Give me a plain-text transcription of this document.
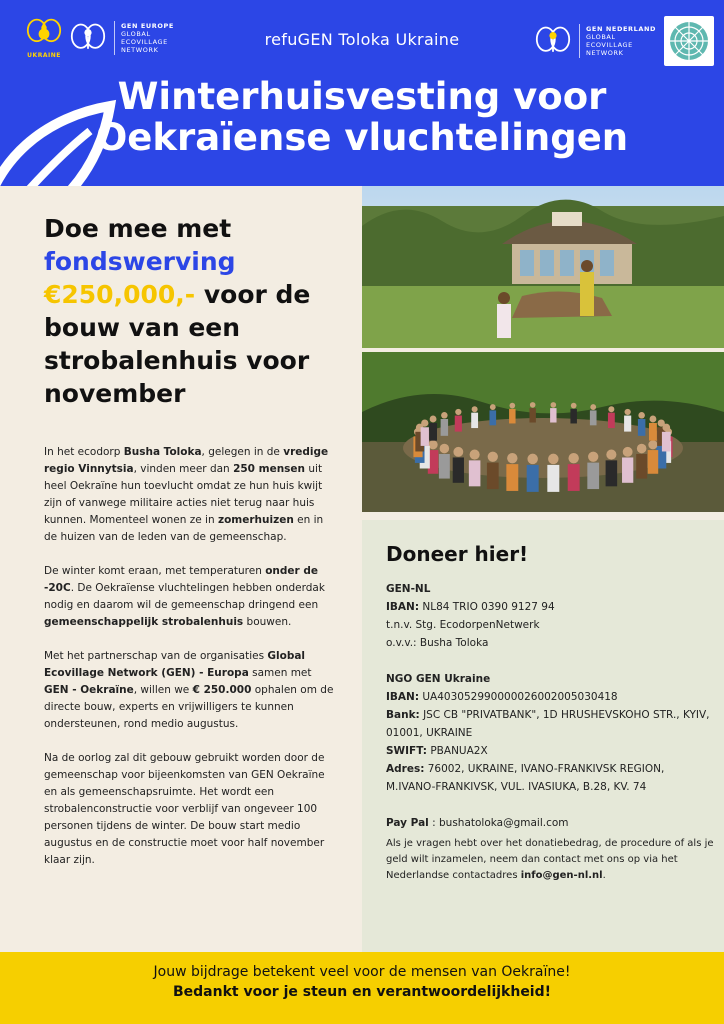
UKRAINE
GEN EUROPE
GLOBAL
ECOVILLAGE
NETWORK
refuGEN Toloka Ukraine
GEN NEDERLAND
GLOBAL
ECOVILLAGE
NETWORK
Winterhuisvesting voor
Oekraïense vluchtelingen
Doe mee met
fondswerving
€250,000,- voor de bouw van een strobalenhuis voor november

In het ecodorp Busha Toloka, gelegen in de vredige regio Vinnytsia, vinden meer dan 250 mensen uit heel Oekraïne hun toevlucht omdat ze hun huis kwijt zijn of vanwege militaire acties niet terug naar huis kunnen. Momenteel wonen ze in zomerhuizen en in de huizen van de leden van de gemeenschap.

De winter komt eraan, met temperaturen onder de -20C. De Oekraïense vluchtelingen hebben onderdak nodig en daarom wil de gemeenschap dringend een gemeenschappelijk strobalenhuis bouwen.

Met het partnerschap van de organisaties Global Ecovillage Network (GEN) - Europa samen met GEN - Oekraïne, willen we € 250.000 ophalen om de directe bouw, experts en vrijwilligers te kunnen ondersteunen, rond medio augustus.

Na de oorlog zal dit gebouw gebruikt worden door de gemeenschap voor bijeenkomsten van GEN Oekraïne en als gemeenschapsruimte. Het wordt een strobalenconstructie voor verblijf van ongeveer 100 personen tijdens de winter. De bouw start medio augustus en de constructie moet voor half november klaar zijn.

Doneer hier!
GEN-NL
IBAN: NL84 TRIO 0390 9127 94
t.n.v. Stg. EcodorpenNetwerk
o.v.v.: Busha Toloka
NGO GEN Ukraine
IBAN: UA403052990000026002005030418
Bank: JSC CB "PRIVATBANK", 1D HRUSHEVSKOHO STR., KYIV, 01001, UKRAINE
SWIFT: PBANUA2X
Adres: 76002, UKRAINE, IVANO-FRANKIVSK REGION, M.IVANO-FRANKIVSK, VUL. IVASIUKA, B.28, KV. 74
Pay Pal : bushatoloka@gmail.com
Als je vragen hebt over het donatiebedrag, de procedure of als je geld wilt inzamelen, neem dan contact met ons op via het Nederlandse contactadres info@gen-nl.nl.
Jouw bijdrage betekent veel voor de mensen van Oekraïne!
Bedankt voor je steun en verantwoordelijkheid!
